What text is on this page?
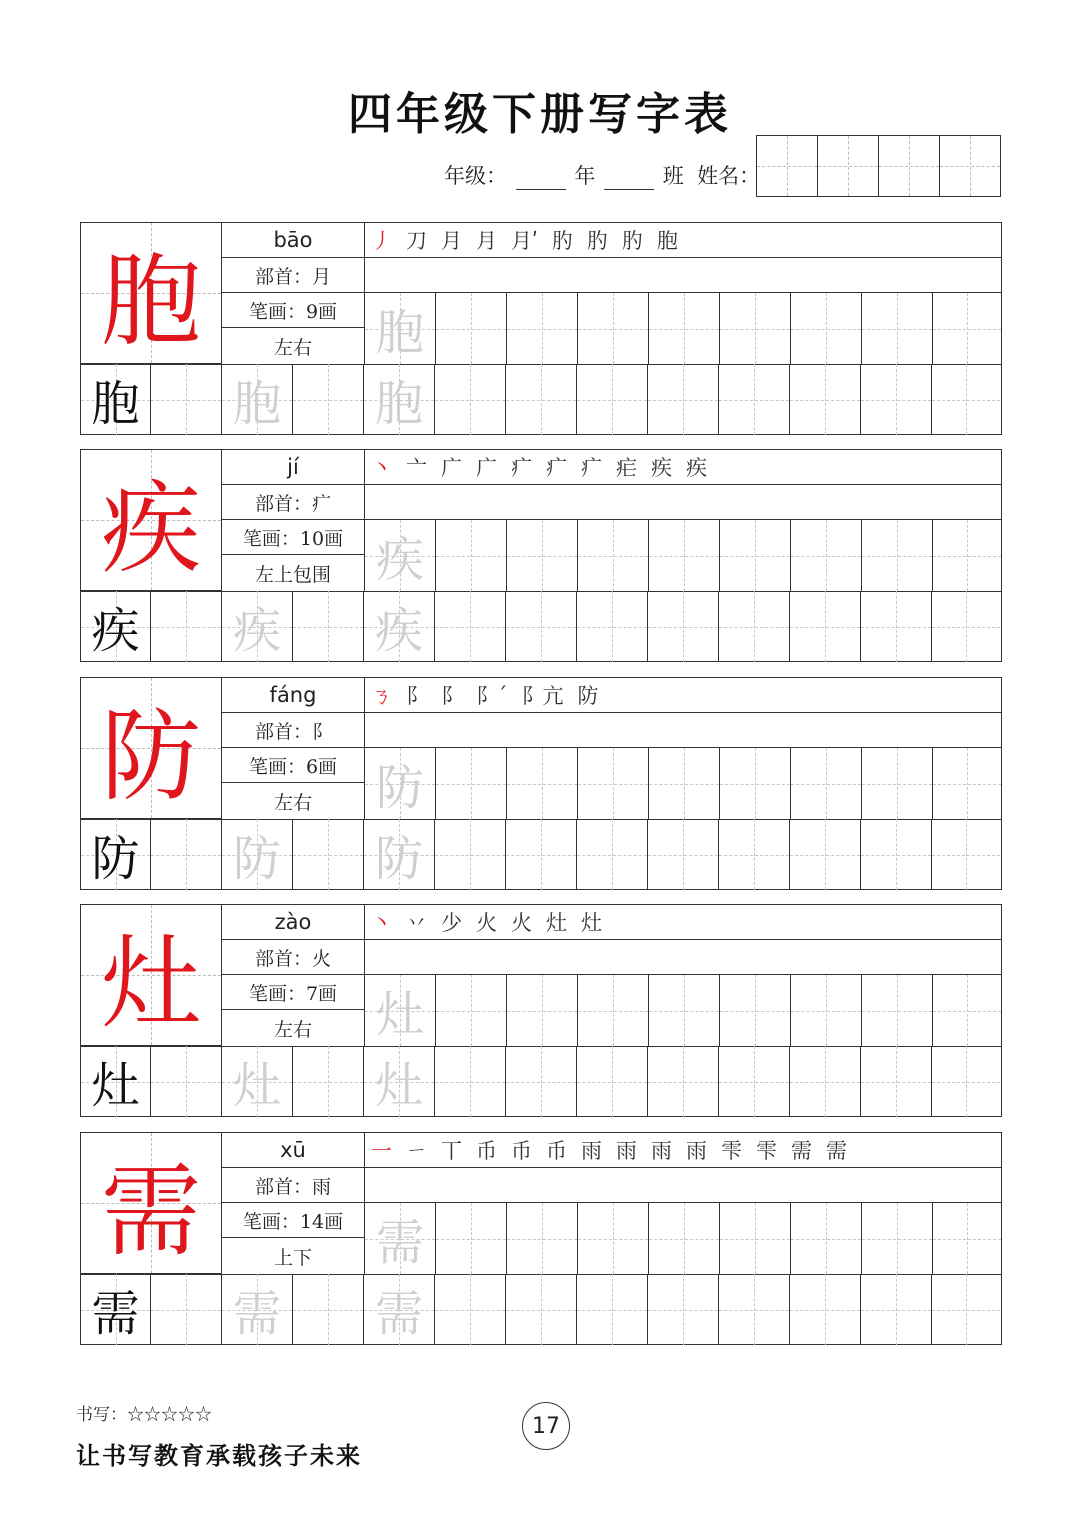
四年级下册写字表
年级：	年	班 姓名：
胞
bāo
部首：月
笔画：9画
左右
丿 刀 月 月 月ʹ 肑 肑 肑 胞
胞
胞 胞 胞
疾
jí
部首：疒
笔画：10画
左上包围
丶 亠 广 广 疒 疒 疒 疟 疾 疾
疾
疾 疾 疾
防
fáng
部首：阝
笔画：6画
左右
ㄋ 阝 阝 阝ˊ 阝亢 防
防
防 防 防
灶
zào
部首：火
笔画：7画
左右
丶 丷 少 火 火 灶 灶
灶
灶 灶 灶
需
xū
部首：雨
笔画：14画
上下
一 ㄧ 丅 币 币 币 雨 雨 雨 雨 雫 雫 需 需
需
需 需 需
书写：☆☆☆☆☆
让书写教育承载孩子未来
17
